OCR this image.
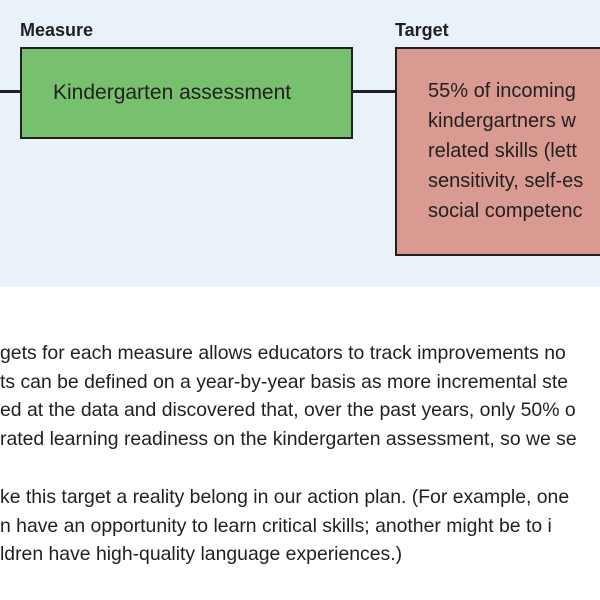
Measure	Target
Kindergarten assessment	55% of incoming
kindergartners w
related skills (lett
sensitivity, self-es
social competenc
gets for each measure allows educators to track improvements no
ts can be defined on a year-by-year basis as more incremental ste
ed at the data and discovered that, over the past years, only 50% o
rated learning readiness on the kindergarten assessment, so we se
ke this target a reality belong in our action plan. (For example, one
n have an opportunity to learn critical skills; another might be to i
ldren have high-quality language experiences.)
